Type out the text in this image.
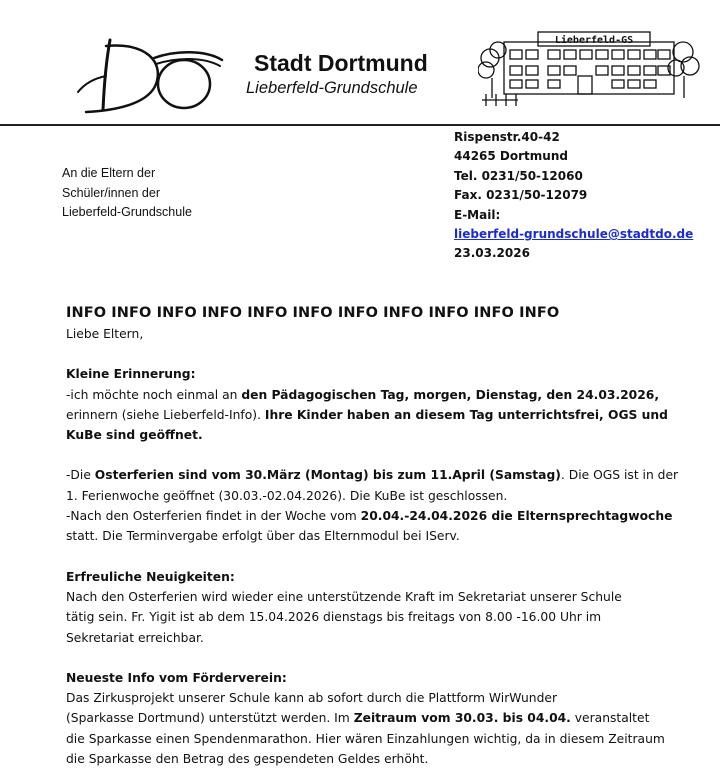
Stadt Dortmund
Lieberfeld-Grundschule
Lieberfeld-GS
An die Eltern der
Schüler/innen der
Lieberfeld-Grundschule
Rispenstr.40-42
44265 Dortmund
Tel. 0231/50-12060
Fax. 0231/50-12079
E-Mail:
lieberfeld-grundschule@stadtdo.de
23.03.2026

INFO INFO INFO INFO INFO INFO INFO INFO INFO INFO INFO

Liebe Eltern,

Kleine Erinnerung:

-ich möchte noch einmal an den Pädagogischen Tag, morgen, Dienstag, den 24.03.2026,

erinnern (siehe Lieberfeld-Info). Ihre Kinder haben an diesem Tag unterrichtsfrei, OGS und

KuBe sind geöffnet.

-Die Osterferien sind vom 30.März (Montag) bis zum 11.April (Samstag). Die OGS ist in der

1. Ferienwoche geöffnet (30.03.-02.04.2026). Die KuBe ist geschlossen.

-Nach den Osterferien findet in der Woche vom 20.04.-24.04.2026 die Elternsprechtagwoche

statt. Die Terminvergabe erfolgt über das Elternmodul bei IServ.

Erfreuliche Neuigkeiten:

Nach den Osterferien wird wieder eine unterstützende Kraft im Sekretariat unserer Schule

tätig sein. Fr. Yigit ist ab dem 15.04.2026 dienstags bis freitags von 8.00 -16.00 Uhr im

Sekretariat erreichbar.

Neueste Info vom Förderverein:

Das Zirkusprojekt unserer Schule kann ab sofort durch die Plattform WirWunder

(Sparkasse Dortmund) unterstützt werden. Im Zeitraum vom 30.03. bis 04.04. veranstaltet

die Sparkasse einen Spendenmarathon. Hier wären Einzahlungen wichtig, da in diesem Zeitraum

die Sparkasse den Betrag des gespendeten Geldes erhöht.
